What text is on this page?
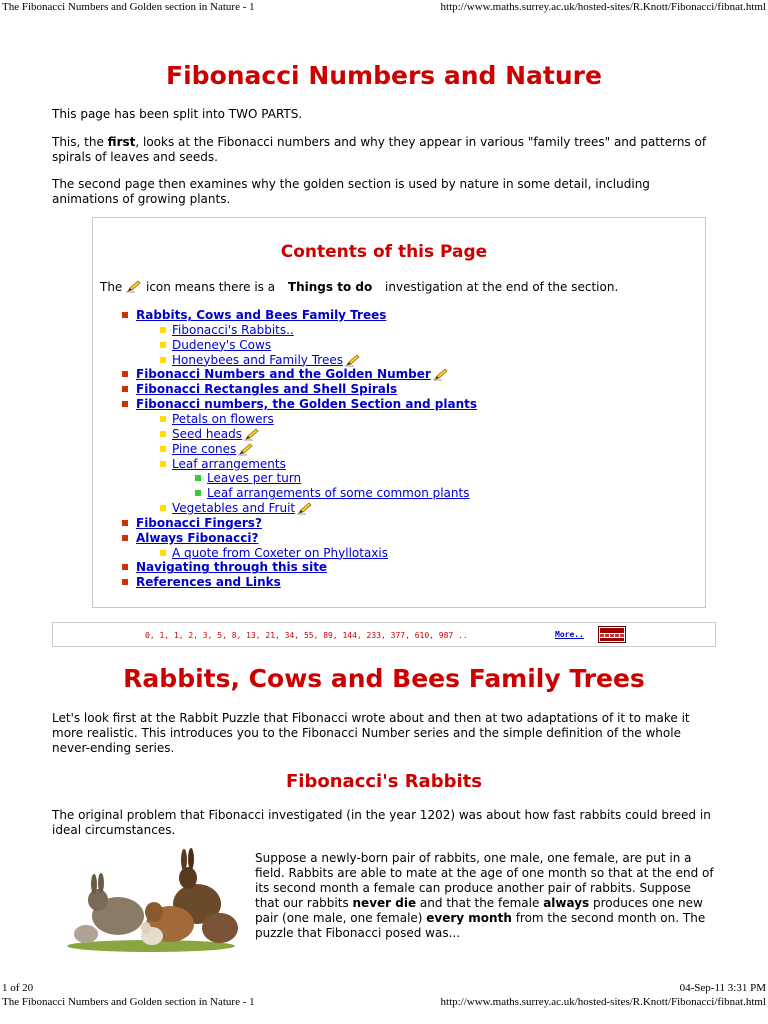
The Fibonacci Numbers and Golden section in Nature - 1	http://www.maths.surrey.ac.uk/hosted-sites/R.Knott/Fibonacci/fibnat.html
Fibonacci Numbers and Nature

This page has been split into TWO PARTS.

This, the first, looks at the Fibonacci numbers and why they appear in various "family trees" and patterns of spirals of leaves and seeds.

The second page then examines why the golden section is used by nature in some detail, including animations of growing plants.

Contents of this Page
The icon means there is a Things to do investigation at the end of the section.
Rabbits, Cows and Bees Family Trees
Fibonacci's Rabbits..
Dudeney's Cows
Honeybees and Family Trees
Fibonacci Numbers and the Golden Number
Fibonacci Rectangles and Shell Spirals
Fibonacci numbers, the Golden Section and plants
Petals on flowers
Seed heads
Pine cones
Leaf arrangements
Leaves per turn
Leaf arrangements of some common plants
Vegetables and Fruit
Fibonacci Fingers?
Always Fibonacci?
A quote from Coxeter on Phyllotaxis
Navigating through this site
References and Links
0, 1, 1, 2, 3, 5, 8, 13, 21, 34, 55, 89, 144, 233, 377, 610, 987 ..	More..
Rabbits, Cows and Bees Family Trees

Let's look first at the Rabbit Puzzle that Fibonacci wrote about and then at two adaptations of it to make it more realistic. This introduces you to the Fibonacci Number series and the simple definition of the whole never-ending series.

Fibonacci's Rabbits

The original problem that Fibonacci investigated (in the year 1202) was about how fast rabbits could breed in ideal circumstances.

Suppose a newly-born pair of rabbits, one male, one female, are put in a field. Rabbits are able to mate at the age of one month so that at the end of its second month a female can produce another pair of rabbits. Suppose that our rabbits never die and that the female always produces one new pair (one male, one female) every month from the second month on. The puzzle that Fibonacci posed was...

1 of 20	04-Sep-11 3:31 PM
The Fibonacci Numbers and Golden section in Nature - 1	http://www.maths.surrey.ac.uk/hosted-sites/R.Knott/Fibonacci/fibnat.html
